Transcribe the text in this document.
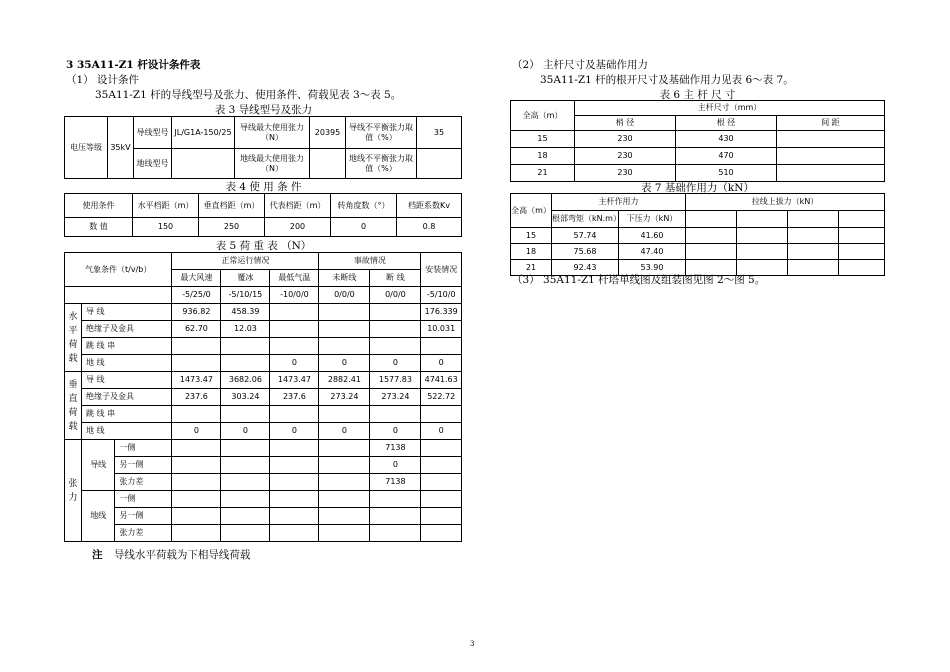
3 35A11-Z1 杆设计条件表
（1） 设计条件
35A11-Z1 杆的导线型号及张力、使用条件、荷载见表 3～表 5。
表 3 导线型号及张力
电压等级	35kV	导线型号	JL/G1A-150/25	导线最大使用张力（N）	20395	导线不平衡张力取值（%）	35
		地线型号		地线最大使用张力（N）		地线不平衡张力取值（%）	
表 4 使 用 条 件
使用条件	水平档距（m）	垂直档距（m）	代表档距（m）	转角度数（°）	档距系数Kv
数 值	150	250	200	0	0.8
表 5 荷 重 表 （N）
气象条件（t/v/b）			正常运行情况			事故情况		安装情况
			最大风速	覆冰	最低气温	未断线	断 线	
			-5/25/0	-5/10/15	-10/0/0	0/0/0	0/0/0	-5/10/0
水
平
荷
载	导 线		936.82	458.39				176.339
	绝缘子及金具		62.70	12.03				10.031
	跳 线 串							
	地 线				0	0	0	0
垂
直
荷
载	导 线		1473.47	3682.06	1473.47	2882.41	1577.83	4741.63
	绝缘子及金具		237.6	303.24	237.6	273.24	273.24	522.72
	跳 线 串							
	地 线		0	0	0	0	0	0
张
力	导线	一侧					7138	
		另一侧					0	
		张力差					7138	
	地线	一侧						
		另一侧						
		张力差						
注 导线水平荷载为下相导线荷载
（2） 主杆尺寸及基础作用力
35A11-Z1 杆的根开尺寸及基础作用力见表 6～表 7。
表 6 主 杆 尺 寸
全高（m）	主杆尺寸（mm）		
	梢 径	根 径	间 距
15	230	430	
18	230	470	
21	230	510	
表 7 基础作用力（kN）
全高（m）	主杆作用力		拉线上拔力（kN）			
	根部弯矩（kN.m）	下压力（kN）				
15	57.74	41.60				
18	75.68	47.40				
21	92.43	53.90				
（3） 35A11-Z1 杆塔单线图及组装图见图 2～图 5。
3
